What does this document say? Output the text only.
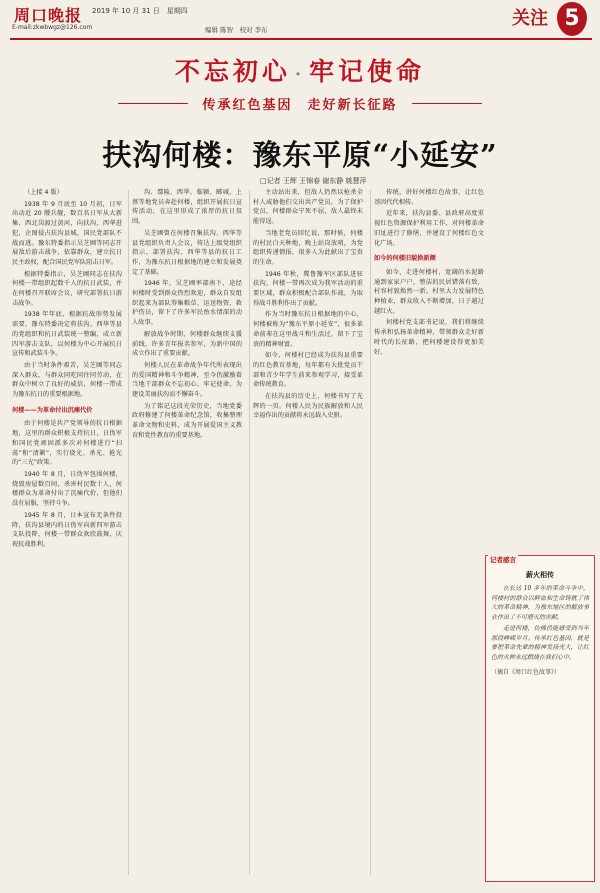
周口晚报 2019 年 10 月 31 日　星期四
E-mail:zkwbwgz@126.com	编辑 陈智　校对 李东
关注 5
不忘初心 · 牢记使命
传承红色基因　走好新长征路
扶沟何楼：豫东平原“小延安”
□记者 王辉 王锦春 谢东静 姚慧萍

（上接 4 版）

1938 年 9 月底至 10 月初，日军出动近 20 艘兵舰，数百名日军从大新集、西北岗渡过黄河，向扶沟、西华进犯，企图侵占扶沟县城，国民党部队不战而逃。豫东特委指示吴芝圃等同志开展敌后游击战争，依靠群众，建立抗日民主政权，配合国民党军队阻击日军。

根据特委指示，吴芝圃同志在扶沟何楼一带组织起数千人的抗日武装，并在何楼召开联席会议，研究部署抗日游击战争。

1938 年年底，根据抗战形势发展需要，豫东特委决定将扶沟、西华等县的党组织和抗日武装统一整编，成立新四军游击支队，以何楼为中心开展抗日宣传和武装斗争。

由于当时条件艰苦，吴芝圃等同志深入群众，与群众同吃同住同劳动，在群众中树立了良好的威信，何楼一带成为豫东抗日的重要根据地。

何楼——为革命付出沉痛代价

由于何楼是共产党领导的抗日根据地，这里的群众积极支持抗日，日伪军和国民党顽固派多次对何楼进行“扫荡”和“清剿”，实行烧光、杀光、抢光的“三光”政策。

1940 年 8 月，日伪军包围何楼，烧毁房屋数百间，杀害村民数十人，何楼群众为革命付出了沉痛代价，但他们没有屈服，坚持斗争。

1945 年 8 月，日本宣布无条件投降，扶沟县境内的日伪军向新四军游击支队投降，何楼一带群众欢欣鼓舞，庆祝抗战胜利。

沟、鄢陵、西华、临颍、郾城、上蔡等地党员奔赴何楼，组织开展抗日宣传活动，在这里形成了浓厚的抗日氛围。

吴芝圃曾在何楼召集扶沟、西华等县党组织负责人会议，传达上级党组织指示，部署扶沟、西华等县的抗日工作，为豫东抗日根据地的建立和发展奠定了基础。

1946 年，吴芝圃率部南下，途经何楼时受到群众热烈欢迎，群众自发组织起来为部队筹集粮草、运送物资、救护伤员，留下了许多军民鱼水情深的动人故事。

解放战争时期，何楼群众继续支援前线，许多青年报名参军，为新中国的成立作出了重要贡献。

何楼人民在革命战争年代所表现出的爱国精神和斗争精神，至今仍激励着当地干部群众不忘初心、牢记使命，为建设美丽扶沟而不懈奋斗。

为了铭记这段光荣历史，当地党委政府修建了何楼革命纪念馆，收集整理革命文物和史料，成为开展爱国主义教育和党性教育的重要基地。

主动站出来，但敌人仍然以枪杀全村人威胁他们交出共产党员，为了保护党员，何楼群众宁死不屈，敌人最终未能得逞。

当地老党员回忆说，那时候，何楼的村民白天种地，晚上站岗放哨，为党组织传递情报，很多人为此献出了宝贵的生命。

1946 年秋，冀鲁豫军区部队进驻扶沟，何楼一带再次成为我军活动的重要区域，群众积极配合部队作战，为取得战斗胜利作出了贡献。

作为当时豫东抗日根据地的中心，何楼被称为“豫东平原小延安”，很多革命前辈在这里战斗和生活过，留下了宝贵的精神财富。

如今，何楼村已经成为扶沟县重要的红色教育基地，每年都有大批党员干部和青少年学生前来参观学习，接受革命传统教育。

在扶沟县的历史上，何楼书写了光辉的一页，何楼人民为民族解放和人民幸福作出的贡献将永远载入史册。

传统，讲好何楼红色故事，让红色基因代代相传。

近年来，扶沟县委、县政府高度重视红色资源保护利用工作，对何楼革命旧址进行了修缮，并建设了何楼红色文化广场。

如今的何楼旧貌换新颜

如今，走进何楼村，宽阔的水泥路通到家家户户，整洁的民居错落有致，村容村貌焕然一新。村里大力发展特色种植业，群众收入不断增加，日子越过越红火。

何楼村党支部书记说，我们将继续传承和弘扬革命精神，带领群众走好新时代的长征路，把何楼建设得更加美好。

记者感言
薪火相传

在长达 10 多年的革命斗争中，何楼村的群众以鲜血和生命铸就了伟大的革命精神，为豫东地区的解放事业作出了不可磨灭的贡献。

走进何楼，仿佛仍能感受到当年那段峥嵘岁月。传承红色基因，就是要把革命先辈的精神发扬光大，让红色的火种永远燃烧在我们心中。

（摘自《周口红色故事》）
